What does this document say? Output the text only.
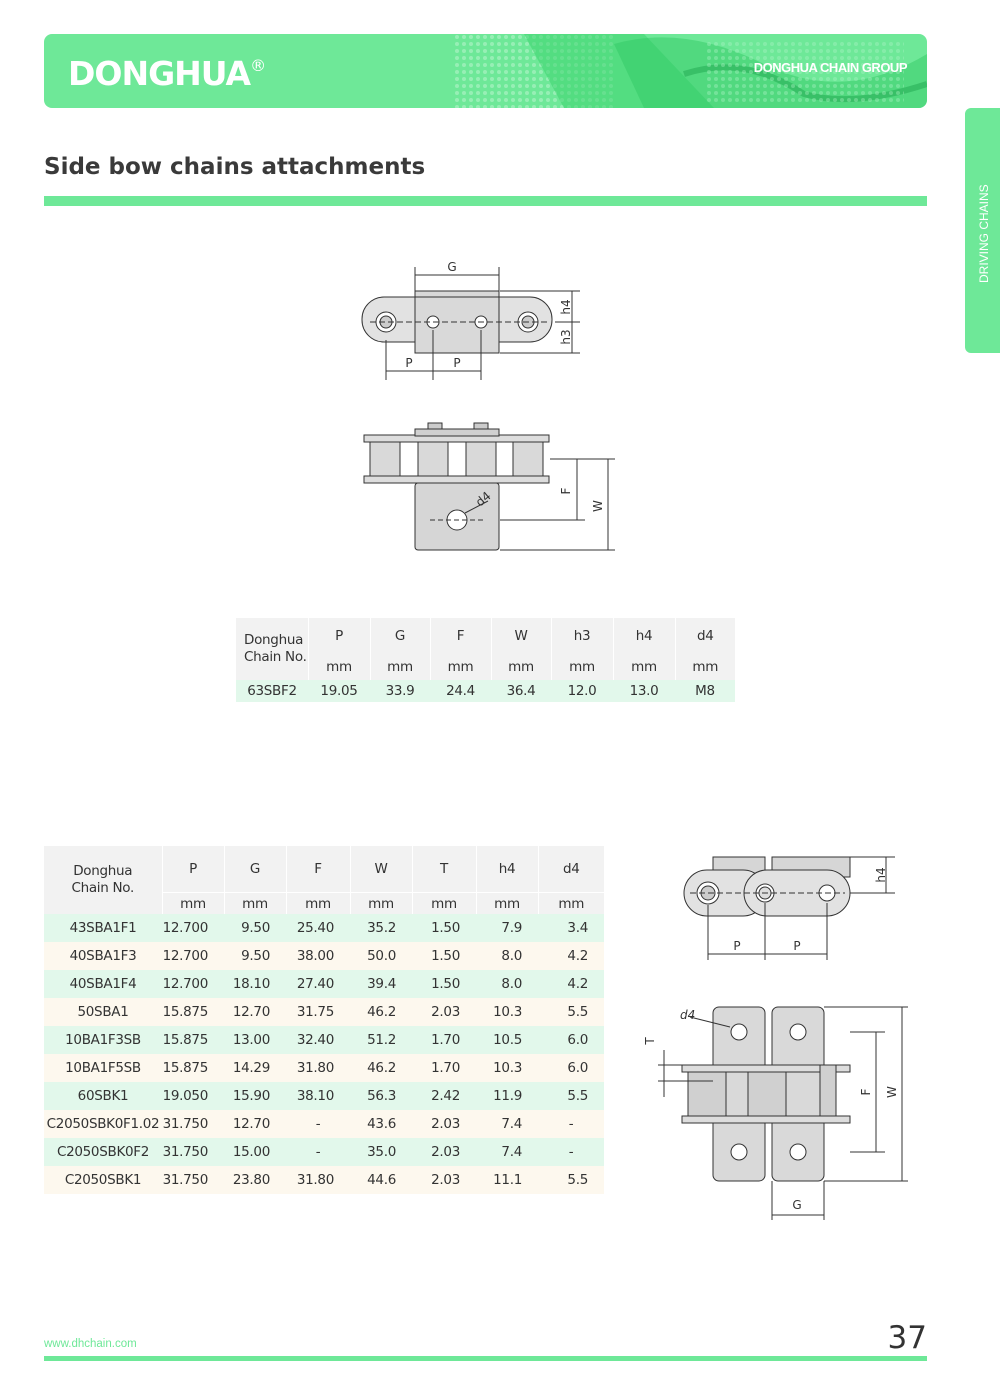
DONGHUA®	DONGHUA CHAIN GROUP
DRIVING CHAINS
Side bow chains attachments
G
h4
h3
P	P
F
W
d4
Donghua
Chain No.	P	G	F	W	h3	h4	d4
	mm	mm	mm	mm	mm	mm	mm
63SBF2	19.05	33.9	24.4	36.4	12.0	13.0	M8
Donghua
Chain No.	P	G	F	W	T	h4	d4
	mm	mm	mm	mm	mm	mm	mm
43SBA1F1	12.700	9.50	25.40	35.2	1.50	7.9	3.4
40SBA1F3	12.700	9.50	38.00	50.0	1.50	8.0	4.2
40SBA1F4	12.700	18.10	27.40	39.4	1.50	8.0	4.2
50SBA1	15.875	12.70	31.75	46.2	2.03	10.3	5.5
10BA1F3SB	15.875	13.00	32.40	51.2	1.70	10.5	6.0
10BA1F5SB	15.875	14.29	31.80	46.2	1.70	10.3	6.0
60SBK1	19.050	15.90	38.10	56.3	2.42	11.9	5.5
C2050SBK0F1.02	31.750	12.70	-	43.6	2.03	7.4	-
C2050SBK0F2	31.750	15.00	-	35.0	2.03	7.4	-
C2050SBK1	31.750	23.80	31.80	44.6	2.03	11.1	5.5
h4
P	P
d4
T
F W
G
www.dhchain.com	37
